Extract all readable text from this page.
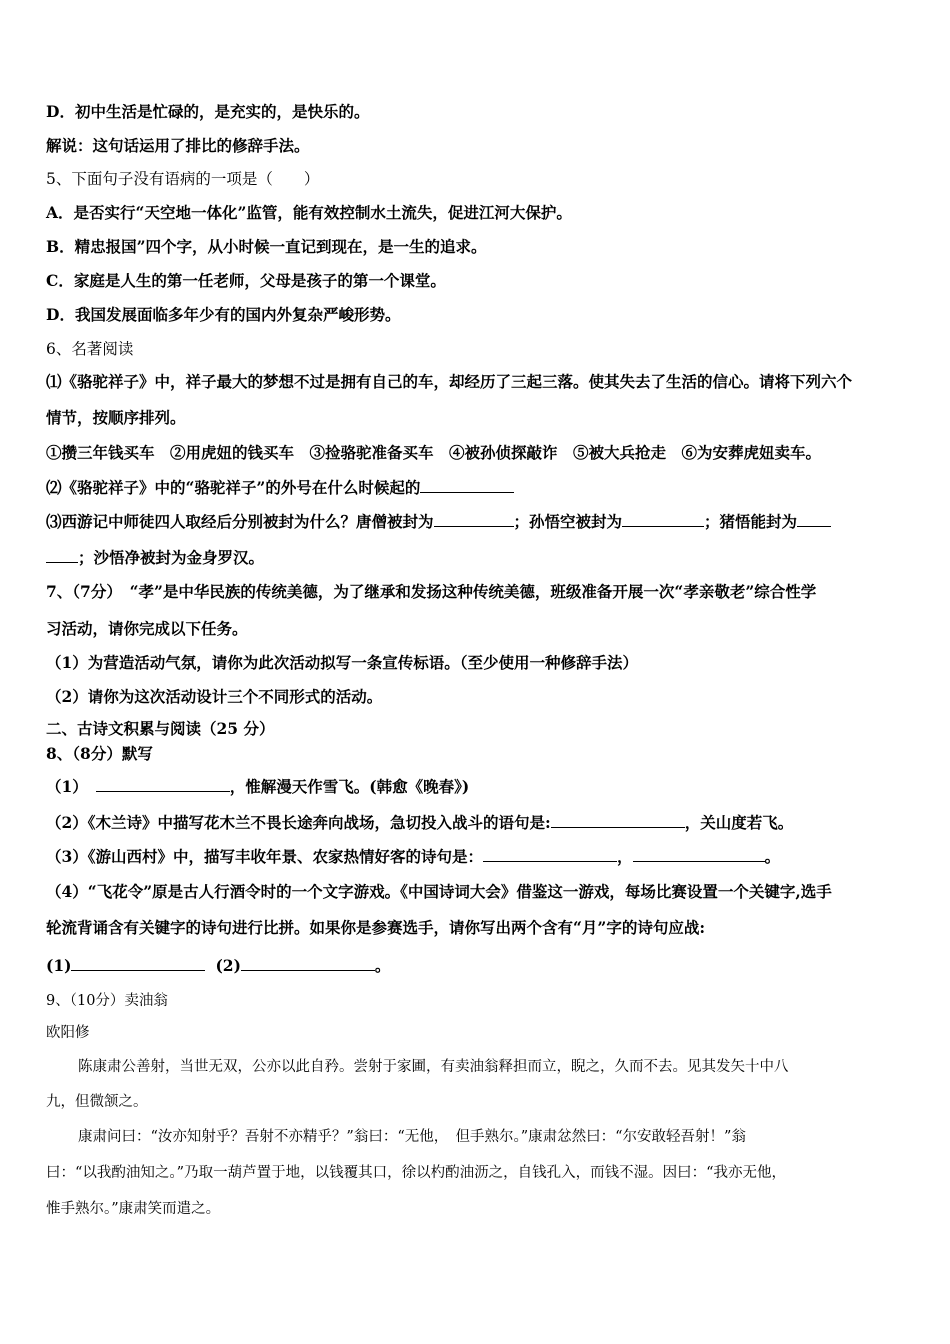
D．初中生活是忙碌的，是充实的，是快乐的。
解说：这句话运用了排比的修辞手法。
5、下面句子没有语病的一项是（　　）
A．是否实行“天空地一体化”监管，能有效控制水土流失，促进江河大保护。
B．精忠报国”四个字，从小时候一直记到现在，是一生的追求。
C．家庭是人生的第一任老师，父母是孩子的第一个课堂。
D．我国发展面临多年少有的国内外复杂严峻形势。
6、名著阅读
⑴《骆驼祥子》中，祥子最大的梦想不过是拥有自己的车，却经历了三起三落。使其失去了生活的信心。请将下列六个
情节，按顺序排列。
①攒三年钱买车　②用虎妞的钱买车　③捡骆驼准备买车　④被孙侦探敲诈　⑤被大兵抢走　⑥为安葬虎妞卖车。
⑵《骆驼祥子》中的“骆驼祥子”的外号在什么时候起的
⑶西游记中师徒四人取经后分别被封为什么？唐僧被封为	；孙悟空被封为	；猪悟能封为
；沙悟净被封为金身罗汉。
7、（7分）　“孝”是中华民族的传统美德，为了继承和发扬这种传统美德，班级准备开展一次“孝亲敬老”综合性学
习活动，请你完成以下任务。
（1）为营造活动气氛，请你为此次活动拟写一条宣传标语。（至少使用一种修辞手法）
（2）请你为这次活动设计三个不同形式的活动。
二、古诗文积累与阅读（25 分）
8、（8分）默写
（1）	，惟解漫天作雪飞。(韩愈《晚春》)
（2）《木兰诗》中描写花木兰不畏长途奔向战场，急切投入战斗的语句是:	，关山度若飞。
（3）《游山西村》中，描写丰收年景、农家热情好客的诗句是：	，	。
（4）“飞花令”原是古人行酒令时的一个文字游戏。《中国诗词大会》借鉴这一游戏，每场比赛设置一个关键字,选手
轮流背诵含有关键字的诗句进行比拼。如果你是参赛选手，请你写出两个含有“月”字的诗句应战:
(1)	(2)	。
9、（10分）卖油翁
欧阳修
陈康肃公善射，当世无双，公亦以此自矜。尝射于家圃，有卖油翁释担而立，睨之，久而不去。见其发矢十中八
九，但微颔之。
康肃问曰：“汝亦知射乎？吾射不亦精乎？”翁曰：“无他，　但手熟尔。”康肃忿然曰：“尔安敢轻吾射！”翁
曰：“以我酌油知之。”乃取一葫芦置于地，以钱覆其口，徐以杓酌油沥之，自钱孔入，而钱不湿。因曰：“我亦无他，
惟手熟尔。”康肃笑而遣之。
